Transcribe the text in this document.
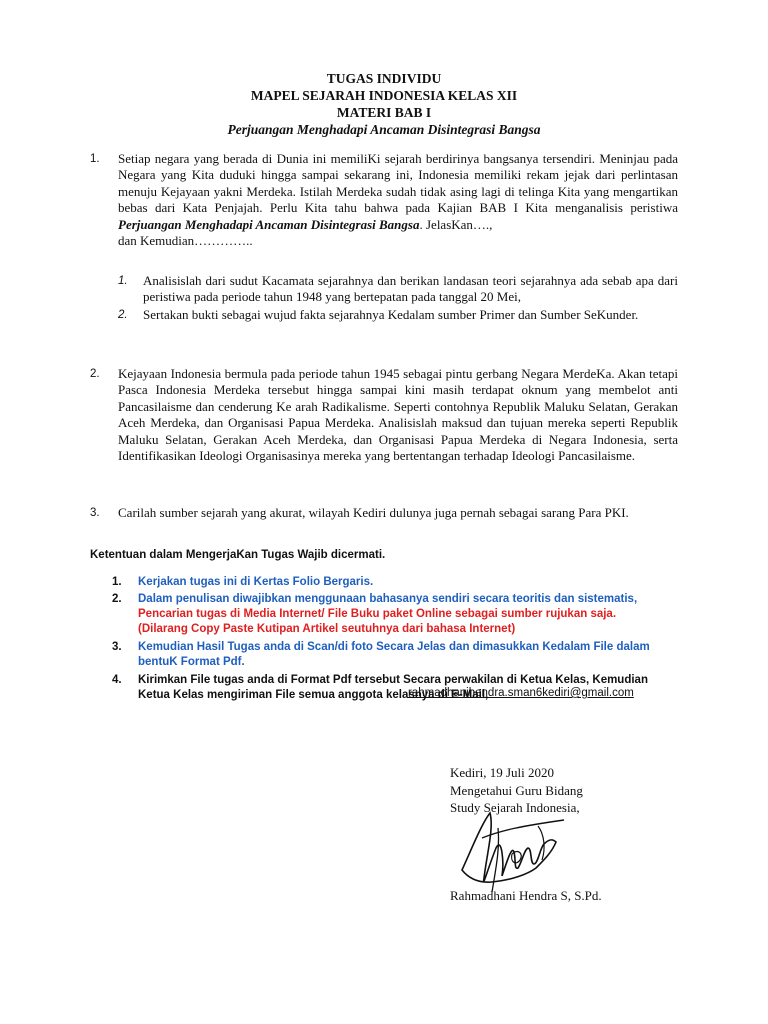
TUGAS INDIVIDU
MAPEL SEJARAH INDONESIA KELAS XII
MATERI BAB I
Perjuangan Menghadapi Ancaman Disintegrasi Bangsa
1. Setiap negara yang berada di Dunia ini memiliKi sejarah berdirinya bangsanya tersendiri. Meninjau pada Negara yang Kita duduki hingga sampai sekarang ini, Indonesia memiliki rekam jejak dari perlintasan menuju Kejayaan yakni Merdeka. Istilah Merdeka sudah tidak asing lagi di telinga Kita yang mengartikan bebas dari Kata Penjajah. Perlu Kita tahu bahwa pada Kajian BAB I Kita menganalisis peristiwa Perjuangan Menghadapi Ancaman Disintegrasi Bangsa. JelasKan….,

dan Kemudian…………..

1. Analisislah dari sudut Kacamata sejarahnya dan berikan landasan teori sejarahnya ada sebab apa dari peristiwa pada periode tahun 1948 yang bertepatan pada tanggal 20 Mei,
2. Sertakan bukti sebagai wujud fakta sejarahnya Kedalam sumber Primer dan Sumber SeKunder.
2. Kejayaan Indonesia bermula pada periode tahun 1945 sebagai pintu gerbang Negara MerdeKa. Akan tetapi Pasca Indonesia Merdeka tersebut hingga sampai kini masih terdapat oknum yang membelot anti Pancasilaisme dan cenderung Ke arah Radikalisme. Seperti contohnya Republik Maluku Selatan, Gerakan Aceh Merdeka, dan Organisasi Papua Merdeka. Analisislah maksud dan tujuan mereka seperti Republik Maluku Selatan, Gerakan Aceh Merdeka, dan Organisasi Papua Merdeka di Negara Indonesia, serta Identifikasikan Ideologi Organisasinya mereka yang bertentangan terhadap Ideologi Pancasilaisme.

3. Carilah sumber sejarah yang akurat, wilayah Kediri dulunya juga pernah sebagai sarang Para PKI.

Ketentuan dalam MengerjaKan Tugas Wajib dicermati.
1. Kerjakan tugas ini di Kertas Folio Bergaris.
2. Dalam penulisan diwajibkan menggunaan bahasanya sendiri secara teoritis dan sistematis,
Pencarian tugas di Media Internet/ File Buku paket Online sebagai sumber rujukan saja.
(Dilarang Copy Paste Kutipan Artikel seutuhnya dari bahasa Internet)
3. Kemudian Hasil Tugas anda di Scan/di foto Secara Jelas dan dimasukkan Kedalam File dalam bentuK Format Pdf.
4. Kirimkan File tugas anda di Format Pdf tersebut Secara perwakilan di Ketua Kelas, Kemudian Ketua Kelas mengiriman File semua anggota kelasnya di E-Mail,
rahmadhanihendra.sman6kediri@gmail.com
Kediri, 19 Juli 2020
Mengetahui Guru Bidang
Study Sejarah Indonesia,
Rahmadhani Hendra S, S.Pd.
